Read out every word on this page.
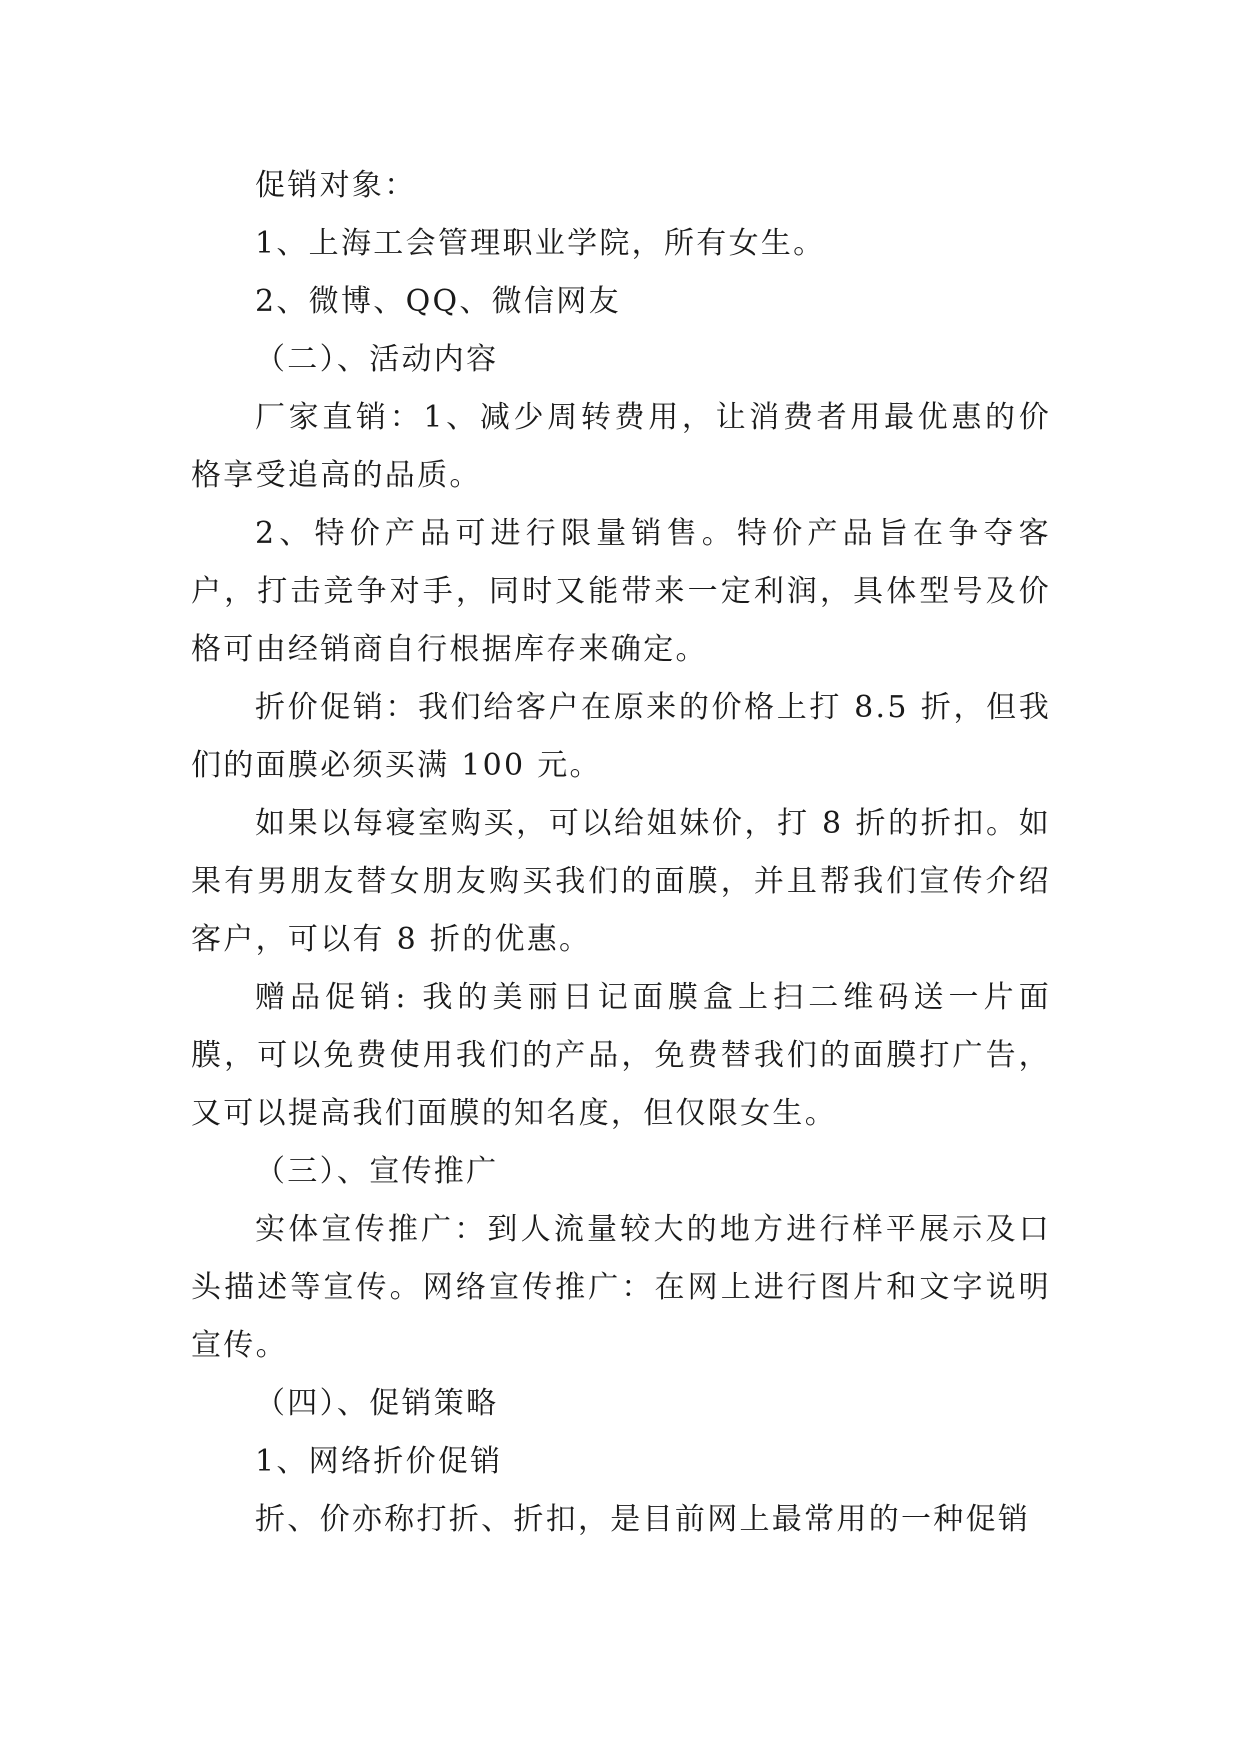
促销对象：

1、上海工会管理职业学院，所有女生。

2、微博、QQ、微信网友

（二）、活动内容

厂家直销：1、减少周转费用，让消费者用最优惠的价格享受追高的品质。

2、特价产品可进行限量销售。特价产品旨在争夺客户，打击竞争对手，同时又能带来一定利润，具体型号及价格可由经销商自行根据库存来确定。

折价促销：我们给客户在原来的价格上打 8.5 折，但我们的面膜必须买满 100 元。

如果以每寝室购买，可以给姐妹价，打 8 折的折扣。如果有男朋友替女朋友购买我们的面膜，并且帮我们宣传介绍客户，可以有 8 折的优惠。

赠品促销: 我的美丽日记面膜盒上扫二维码送一片面膜，可以免费使用我们的产品，免费替我们的面膜打广告，又可以提高我们面膜的知名度，但仅限女生。

（三）、宣传推广

实体宣传推广：到人流量较大的地方进行样平展示及口头描述等宣传。网络宣传推广：在网上进行图片和文字说明宣传。

（四）、促销策略

1、网络折价促销

折、价亦称打折、折扣，是目前网上最常用的一种促销
